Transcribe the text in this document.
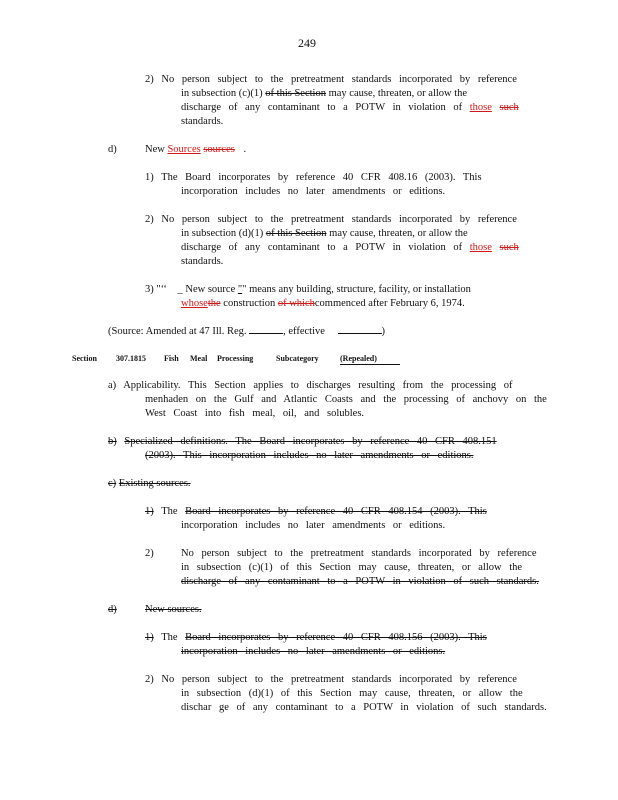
249
2) No person subject to the pretreatment standards incorporated by reference
in subsection (c)(1) of this Section may cause, threaten, or allow the
discharge of any contaminant to a POTW in violation of those such
standards.
d)	New Sources sources .
1) The Board incorporates by reference 40 CFR 408.16 (2003). This
incorporation includes no later amendments or editions.
2) No person subject to the pretreatment standards incorporated by reference
in subsection (d)(1) of this Section may cause, threaten, or allow the
discharge of any contaminant to a POTW in violation of those such
standards.
3) "‘‘ _ New source "" means any building, structure, facility, or installation
whosethe construction of whichcommenced after February 6, 1974.
(Source: Amended at 47 Ill. Reg.	, effective	)
Section 307.1815 Fish Meal Processing	Subcategory	(Repealed)
a) Applicability. This Section applies to discharges resulting from the processing of
menhaden on the Gulf and Atlantic Coasts and the processing of anchovy on the
West Coast into fish meal, oil, and solubles.
b) Specialized definitions. The Board incorporates by reference 40 CFR 408.151
(2003). This incorporation includes no later amendments or editions.
c) Existing sources.
1) The Board incorporates by reference 40 CFR 408.154 (2003). This
incorporation includes no later amendments or editions.
2)	No person subject to the pretreatment standards incorporated by reference
in subsection (c)(1) of this Section may cause, threaten, or allow the
discharge of any contaminant to a POTW in violation of such standards.
d)	New sources.
1) The Board incorporates by reference 40 CFR 408.156 (2003). This
incorporation includes no later amendments or editions.
2) No person subject to the pretreatment standards incorporated by reference
in subsection (d)(1) of this Section may cause, threaten, or allow the
dischar ge of any contaminant to a POTW in violation of such standards.
